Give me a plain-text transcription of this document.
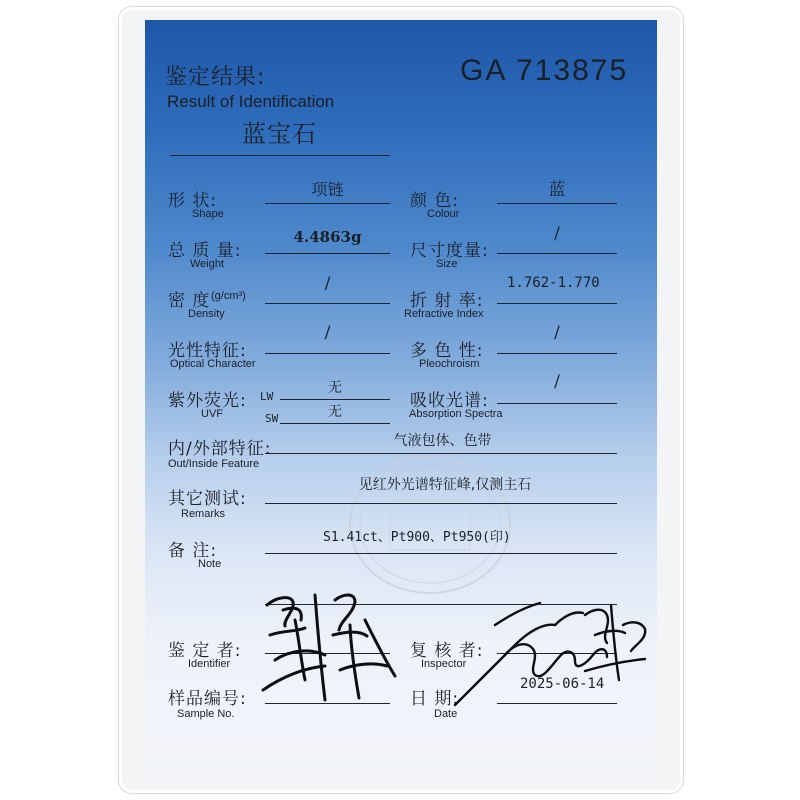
鉴定结果:
Result of Identification
GA 713875
蓝宝石
形 状:
Shape
项链
颜 色:
Colour
蓝
总 质 量:
Weight
4.4863g
尺寸度量:
Size
/
密 度 (g/cm³)
Density
/
折 射 率:
Refractive Index
1.762-1.770
光性特征:
Optical Character
/
多 色 性:
Pleochroism
/
紫外荧光:
UVF
LW
无
SW	无
吸收光谱:
Absorption Spectra
/
内/外部特征:
Out/Inside Feature
气液包体、色带
其它测试:
Remarks
见红外光谱特征峰,仅测主石
备 注:
Note
S1.41ct、Pt900、Pt950(印)
鉴 定 者:
Identifier
复 核 者:
Inspector
样品编号:
Sample No.
日 期:
Date
2025-06-14
